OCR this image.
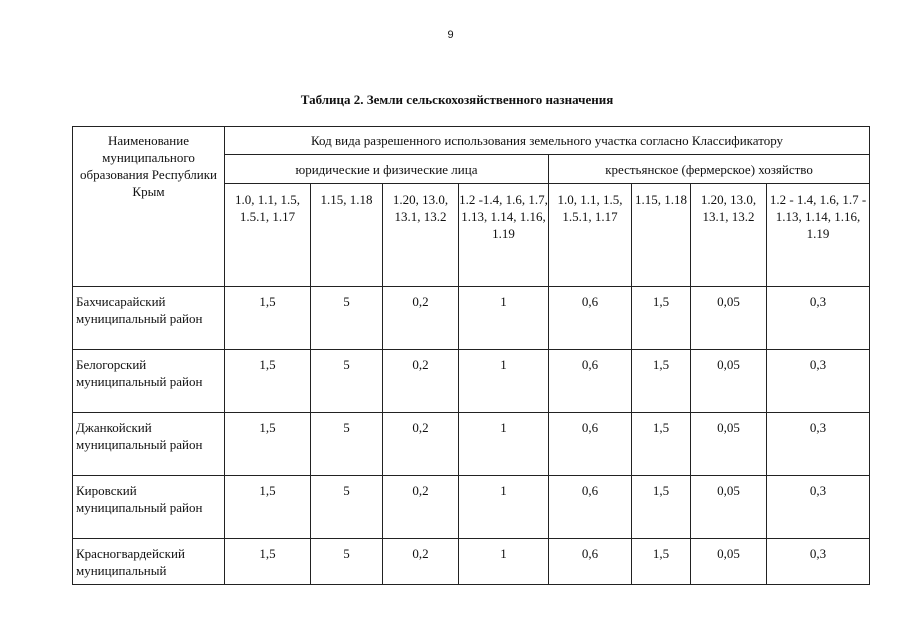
9
Таблица 2. Земли сельскохозяйственного назначения
Наименование муниципального образования Республики Крым	Код вида разрешенного использования земельного участка согласно Классификатору							
	юридические и физические лица				крестьянское (фермерское) хозяйство			
	1.0, 1.1, 1.5, 1.5.1, 1.17	1.15, 1.18	1.20, 13.0, 13.1, 13.2	1.2 -1.4, 1.6, 1.7, 1.13, 1.14, 1.16, 1.19	1.0, 1.1, 1.5, 1.5.1, 1.17	1.15, 1.18	1.20, 13.0, 13.1, 13.2	1.2 - 1.4, 1.6, 1.7 - 1.13, 1.14, 1.16, 1.19
Бахчисарайский муниципальный район	1,5	5	0,2	1	0,6	1,5	0,05	0,3
Белогорский муниципальный район	1,5	5	0,2	1	0,6	1,5	0,05	0,3
Джанкойский муниципальный район	1,5	5	0,2	1	0,6	1,5	0,05	0,3
Кировский муниципальный район	1,5	5	0,2	1	0,6	1,5	0,05	0,3
Красногвардейский муниципальный	1,5	5	0,2	1	0,6	1,5	0,05	0,3
